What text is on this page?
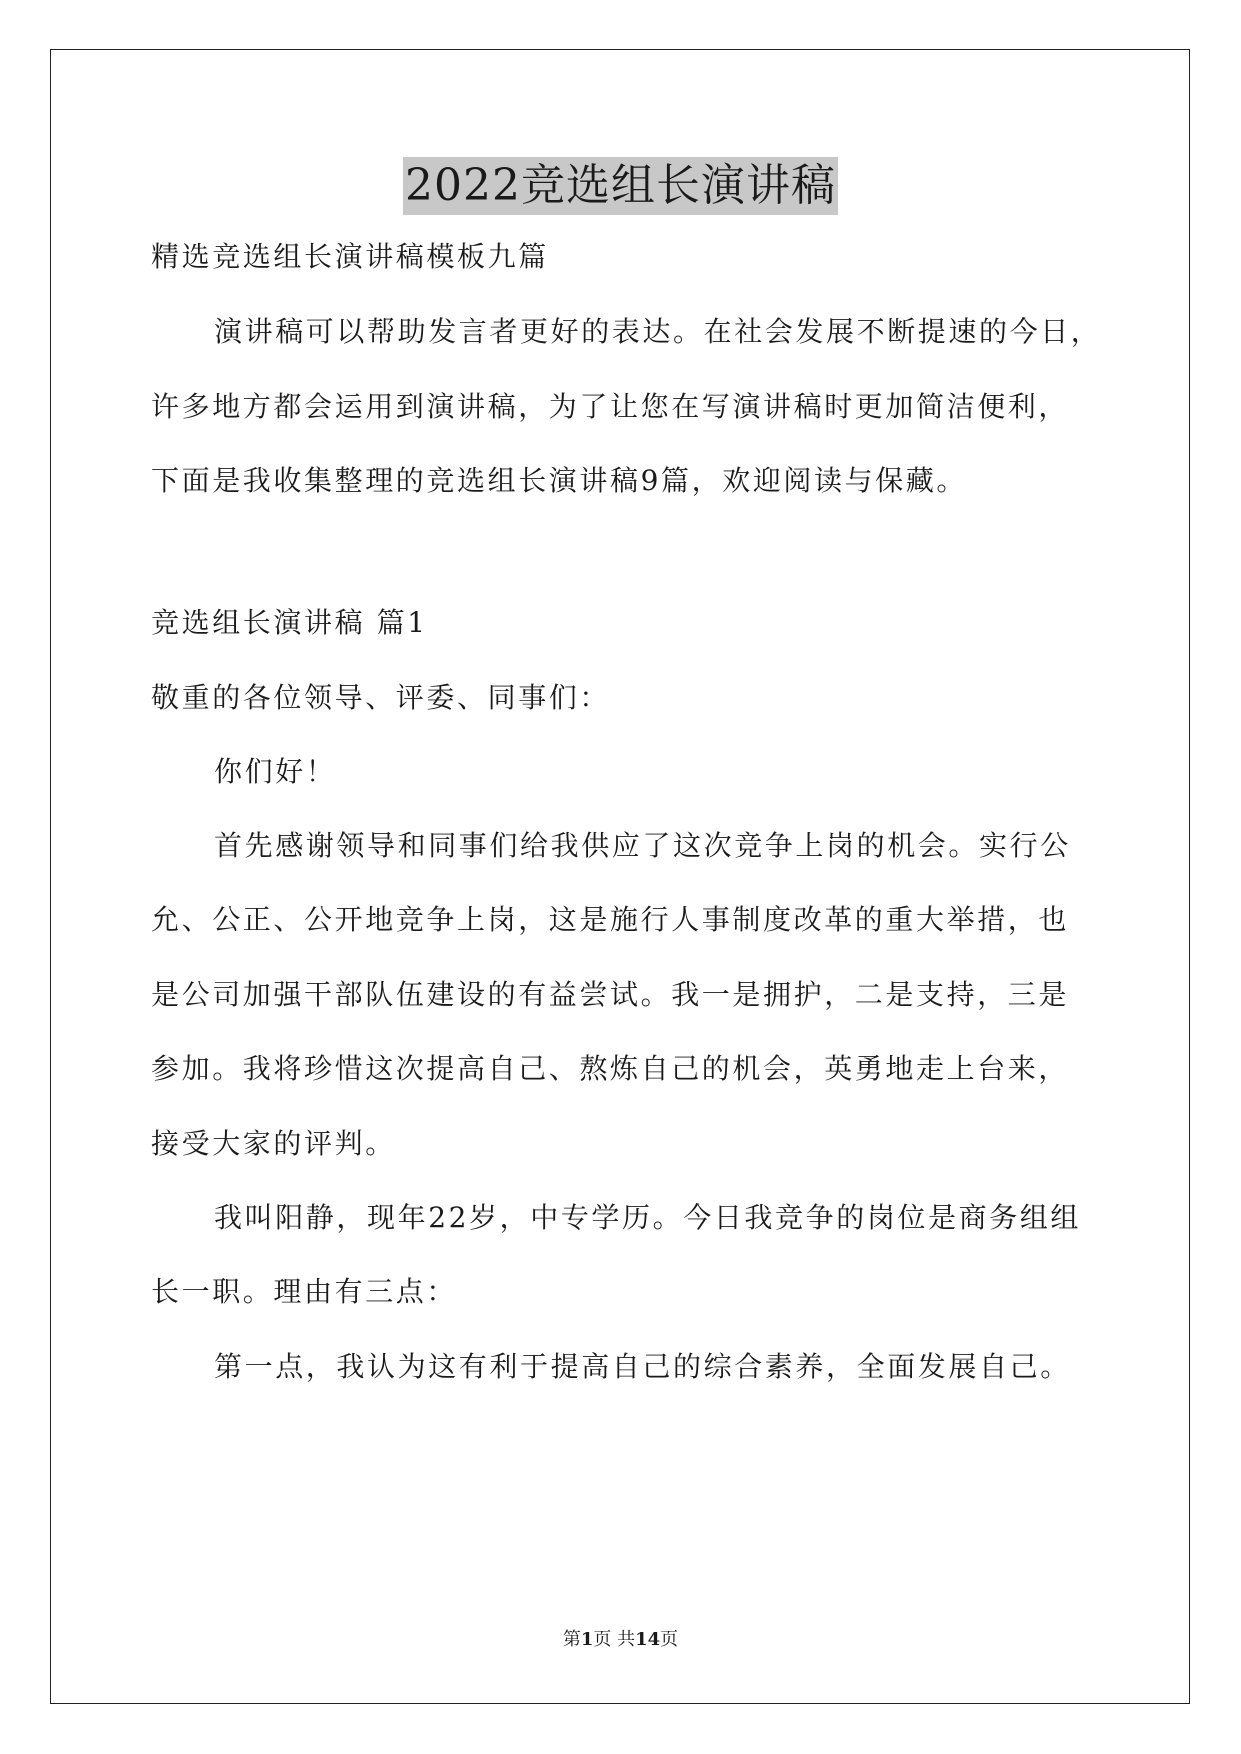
2022竞选组长演讲稿
精选竞选组长演讲稿模板九篇
演讲稿可以帮助发言者更好的表达。在社会发展不断提速的今日，
许多地方都会运用到演讲稿，为了让您在写演讲稿时更加简洁便利，
下面是我收集整理的竞选组长演讲稿9篇，欢迎阅读与保藏。
竞选组长演讲稿 篇1
敬重的各位领导、评委、同事们：
你们好！
首先感谢领导和同事们给我供应了这次竞争上岗的机会。实行公
允、公正、公开地竞争上岗，这是施行人事制度改革的重大举措，也
是公司加强干部队伍建设的有益尝试。我一是拥护，二是支持，三是
参加。我将珍惜这次提高自己、熬炼自己的机会，英勇地走上台来，
接受大家的评判。
我叫阳静，现年22岁，中专学历。今日我竞争的岗位是商务组组
长一职。理由有三点：
第一点，我认为这有利于提高自己的综合素养，全面发展自己。
第1页 共14页
